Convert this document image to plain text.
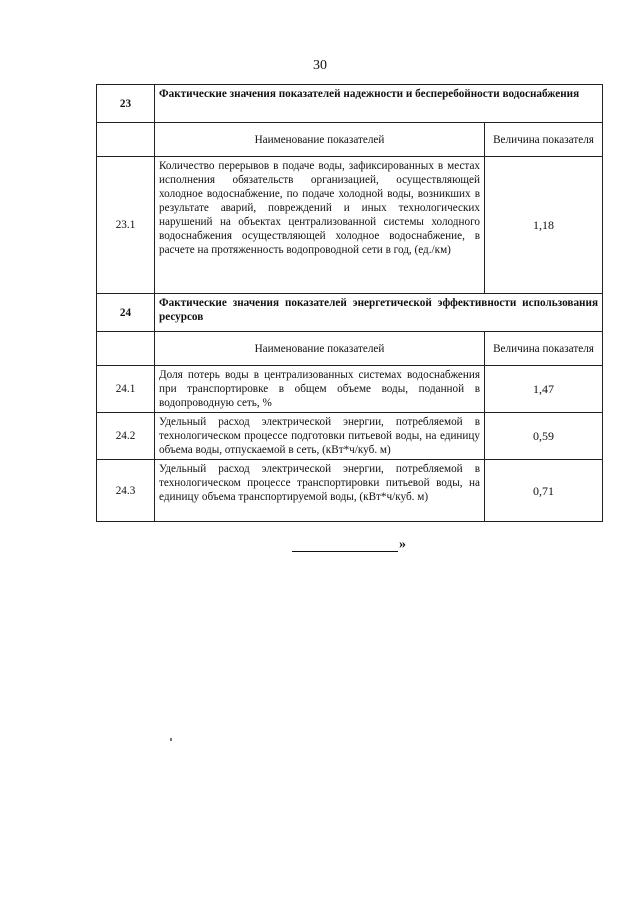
30
23	Фактические значения показателей надежности и бесперебойности водоснабжения	
	Наименование показателей	Величина показателя
23.1	Количество перерывов в подаче воды, зафиксированных в местах исполнения обязательств организацией, осуществляющей холодное водоснабжение, по подаче холодной воды, возникших в результате аварий, повреждений и иных технологических нарушений на объектах централизованной системы холодного водоснабжения осуществляющей холодное водоснабжение, в расчете на протяженность водопроводной сети в год, (ед./км)	1,18
24	Фактические значения показателей энергетической эффективности использования ресурсов	
	Наименование показателей	Величина показателя
24.1	Доля потерь воды в централизованных системах водоснабжения при транспортировке в общем объеме воды, поданной в водопроводную сеть, %	1,47
24.2	Удельный расход электрической энергии, потребляемой в технологическом процессе подготовки питьевой воды, на единицу объема воды, отпускаемой в сеть, (кВт*ч/куб. м)	0,59
24.3	Удельный расход электрической энергии, потребляемой в технологическом процессе транспортировки питьевой воды, на единицу объема транспортируемой воды, (кВт*ч/куб. м)	0,71
»
